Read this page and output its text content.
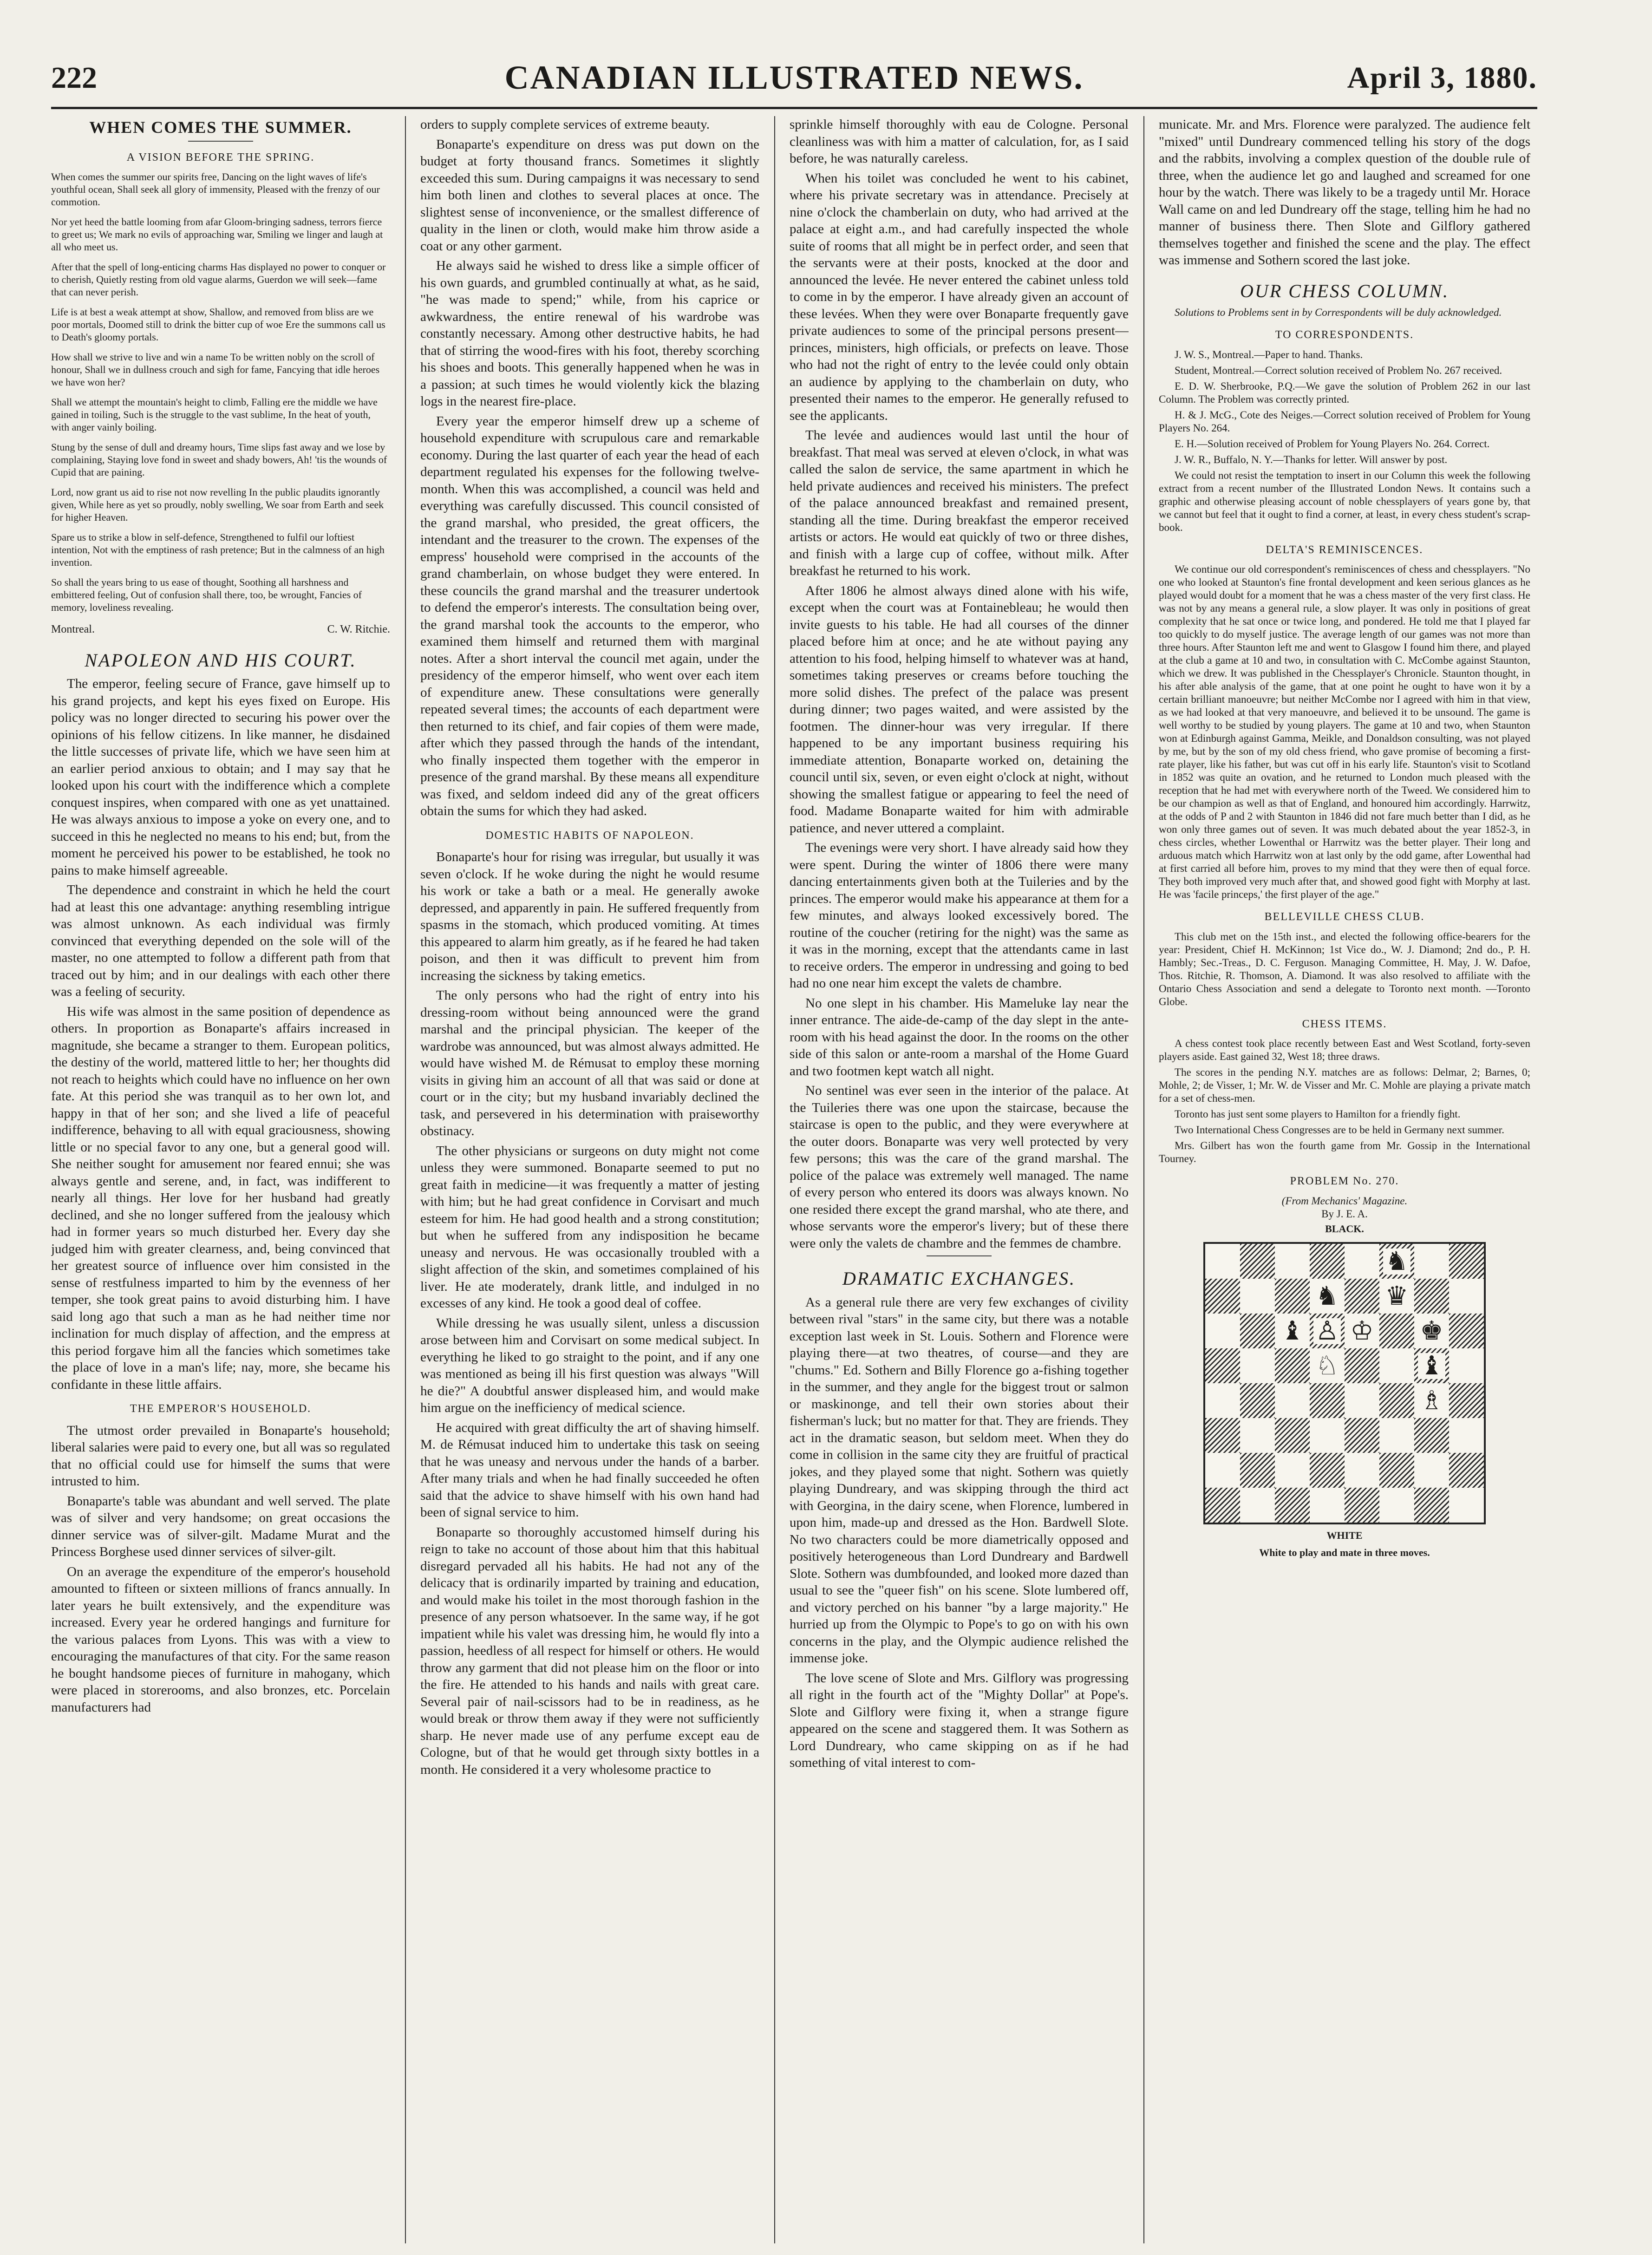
222	CANADIAN ILLUSTRATED NEWS.	April 3, 1880.
WHEN COMES THE SUMMER.
A VISION BEFORE THE SPRING.
When comes the summer our spirits free, Dancing on the light waves of life's youthful ocean, Shall seek all glory of immensity, Pleased with the frenzy of our commotion.
Nor yet heed the battle looming from afar Gloom-bringing sadness, terrors fierce to greet us; We mark no evils of approaching war, Smiling we linger and laugh at all who meet us.
After that the spell of long-enticing charms Has displayed no power to conquer or to cherish, Quietly resting from old vague alarms, Guerdon we will seek—fame that can never perish.
Life is at best a weak attempt at show, Shallow, and removed from bliss are we poor mortals, Doomed still to drink the bitter cup of woe Ere the summons call us to Death's gloomy portals.
How shall we strive to live and win a name To be written nobly on the scroll of honour, Shall we in dullness crouch and sigh for fame, Fancying that idle heroes we have won her?
Shall we attempt the mountain's height to climb, Falling ere the middle we have gained in toiling, Such is the struggle to the vast sublime, In the heat of youth, with anger vainly boiling.
Stung by the sense of dull and dreamy hours, Time slips fast away and we lose by complaining, Staying love fond in sweet and shady bowers, Ah! 'tis the wounds of Cupid that are paining.
Lord, now grant us aid to rise not now revelling In the public plaudits ignorantly given, While here as yet so proudly, nobly swelling, We soar from Earth and seek for higher Heaven.
Spare us to strike a blow in self-defence, Strengthened to fulfil our loftiest intention, Not with the emptiness of rash pretence; But in the calmness of an high invention.
So shall the years bring to us ease of thought, Soothing all harshness and embittered feeling, Out of confusion shall there, too, be wrought, Fancies of memory, loveliness revealing.
Montreal.	C. W. Ritchie.
NAPOLEON AND HIS COURT.

The emperor, feeling secure of France, gave himself up to his grand projects, and kept his eyes fixed on Europe. His policy was no longer directed to securing his power over the opinions of his fellow citizens. In like manner, he disdained the little successes of private life, which we have seen him at an earlier period anxious to obtain; and I may say that he looked upon his court with the indifference which a complete conquest inspires, when compared with one as yet unattained. He was always anxious to impose a yoke on every one, and to succeed in this he neglected no means to his end; but, from the moment he perceived his power to be established, he took no pains to make himself agreeable.

The dependence and constraint in which he held the court had at least this one advantage: anything resembling intrigue was almost unknown. As each individual was firmly convinced that everything depended on the sole will of the master, no one attempted to follow a different path from that traced out by him; and in our dealings with each other there was a feeling of security.

His wife was almost in the same position of dependence as others. In proportion as Bonaparte's affairs increased in magnitude, she became a stranger to them. European politics, the destiny of the world, mattered little to her; her thoughts did not reach to heights which could have no influence on her own fate. At this period she was tranquil as to her own lot, and happy in that of her son; and she lived a life of peaceful indifference, behaving to all with equal graciousness, showing little or no special favor to any one, but a general good will. She neither sought for amusement nor feared ennui; she was always gentle and serene, and, in fact, was indifferent to nearly all things. Her love for her husband had greatly declined, and she no longer suffered from the jealousy which had in former years so much disturbed her. Every day she judged him with greater clearness, and, being convinced that her greatest source of influence over him consisted in the sense of restfulness imparted to him by the evenness of her temper, she took great pains to avoid disturbing him. I have said long ago that such a man as he had neither time nor inclination for much display of affection, and the empress at this period forgave him all the fancies which sometimes take the place of love in a man's life; nay, more, she became his confidante in these little affairs.

THE EMPEROR'S HOUSEHOLD.

The utmost order prevailed in Bonaparte's household; liberal salaries were paid to every one, but all was so regulated that no official could use for himself the sums that were intrusted to him.

Bonaparte's table was abundant and well served. The plate was of silver and very handsome; on great occasions the dinner service was of silver-gilt. Madame Murat and the Princess Borghese used dinner services of silver-gilt.

On an average the expenditure of the emperor's household amounted to fifteen or sixteen millions of francs annually. In later years he built extensively, and the expenditure was increased. Every year he ordered hangings and furniture for the various palaces from Lyons. This was with a view to encouraging the manufactures of that city. For the same reason he bought handsome pieces of furniture in mahogany, which were placed in storerooms, and also bronzes, etc. Porcelain manufacturers had

orders to supply complete services of extreme beauty.

Bonaparte's expenditure on dress was put down on the budget at forty thousand francs. Sometimes it slightly exceeded this sum. During campaigns it was necessary to send him both linen and clothes to several places at once. The slightest sense of inconvenience, or the smallest difference of quality in the linen or cloth, would make him throw aside a coat or any other garment.

He always said he wished to dress like a simple officer of his own guards, and grumbled continually at what, as he said, "he was made to spend;" while, from his caprice or awkwardness, the entire renewal of his wardrobe was constantly necessary. Among other destructive habits, he had that of stirring the wood-fires with his foot, thereby scorching his shoes and boots. This generally happened when he was in a passion; at such times he would violently kick the blazing logs in the nearest fire-place.

Every year the emperor himself drew up a scheme of household expenditure with scrupulous care and remarkable economy. During the last quarter of each year the head of each department regulated his expenses for the following twelve-month. When this was accomplished, a council was held and everything was carefully discussed. This council consisted of the grand marshal, who presided, the great officers, the intendant and the treasurer to the crown. The expenses of the empress' household were comprised in the accounts of the grand chamberlain, on whose budget they were entered. In these councils the grand marshal and the treasurer undertook to defend the emperor's interests. The consultation being over, the grand marshal took the accounts to the emperor, who examined them himself and returned them with marginal notes. After a short interval the council met again, under the presidency of the emperor himself, who went over each item of expenditure anew. These consultations were generally repeated several times; the accounts of each department were then returned to its chief, and fair copies of them were made, after which they passed through the hands of the intendant, who finally inspected them together with the emperor in presence of the grand marshal. By these means all expenditure was fixed, and seldom indeed did any of the great officers obtain the sums for which they had asked.

DOMESTIC HABITS OF NAPOLEON.

Bonaparte's hour for rising was irregular, but usually it was seven o'clock. If he woke during the night he would resume his work or take a bath or a meal. He generally awoke depressed, and apparently in pain. He suffered frequently from spasms in the stomach, which produced vomiting. At times this appeared to alarm him greatly, as if he feared he had taken poison, and then it was difficult to prevent him from increasing the sickness by taking emetics.

The only persons who had the right of entry into his dressing-room without being announced were the grand marshal and the principal physician. The keeper of the wardrobe was announced, but was almost always admitted. He would have wished M. de Rémusat to employ these morning visits in giving him an account of all that was said or done at court or in the city; but my husband invariably declined the task, and persevered in his determination with praiseworthy obstinacy.

The other physicians or surgeons on duty might not come unless they were summoned. Bonaparte seemed to put no great faith in medicine—it was frequently a matter of jesting with him; but he had great confidence in Corvisart and much esteem for him. He had good health and a strong constitution; but when he suffered from any indisposition he became uneasy and nervous. He was occasionally troubled with a slight affection of the skin, and sometimes complained of his liver. He ate moderately, drank little, and indulged in no excesses of any kind. He took a good deal of coffee.

While dressing he was usually silent, unless a discussion arose between him and Corvisart on some medical subject. In everything he liked to go straight to the point, and if any one was mentioned as being ill his first question was always "Will he die?" A doubtful answer displeased him, and would make him argue on the inefficiency of medical science.

He acquired with great difficulty the art of shaving himself. M. de Rémusat induced him to undertake this task on seeing that he was uneasy and nervous under the hands of a barber. After many trials and when he had finally succeeded he often said that the advice to shave himself with his own hand had been of signal service to him.

Bonaparte so thoroughly accustomed himself during his reign to take no account of those about him that this habitual disregard pervaded all his habits. He had not any of the delicacy that is ordinarily imparted by training and education, and would make his toilet in the most thorough fashion in the presence of any person whatsoever. In the same way, if he got impatient while his valet was dressing him, he would fly into a passion, heedless of all respect for himself or others. He would throw any garment that did not please him on the floor or into the fire. He attended to his hands and nails with great care. Several pair of nail-scissors had to be in readiness, as he would break or throw them away if they were not sufficiently sharp. He never made use of any perfume except eau de Cologne, but of that he would get through sixty bottles in a month. He considered it a very wholesome practice to

sprinkle himself thoroughly with eau de Cologne. Personal cleanliness was with him a matter of calculation, for, as I said before, he was naturally careless.

When his toilet was concluded he went to his cabinet, where his private secretary was in attendance. Precisely at nine o'clock the chamberlain on duty, who had arrived at the palace at eight a.m., and had carefully inspected the whole suite of rooms that all might be in perfect order, and seen that the servants were at their posts, knocked at the door and announced the levée. He never entered the cabinet unless told to come in by the emperor. I have already given an account of these levées. When they were over Bonaparte frequently gave private audiences to some of the principal persons present—princes, ministers, high officials, or prefects on leave. Those who had not the right of entry to the levée could only obtain an audience by applying to the chamberlain on duty, who presented their names to the emperor. He generally refused to see the applicants.

The levée and audiences would last until the hour of breakfast. That meal was served at eleven o'clock, in what was called the salon de service, the same apartment in which he held private audiences and received his ministers. The prefect of the palace announced breakfast and remained present, standing all the time. During breakfast the emperor received artists or actors. He would eat quickly of two or three dishes, and finish with a large cup of coffee, without milk. After breakfast he returned to his work.

After 1806 he almost always dined alone with his wife, except when the court was at Fontainebleau; he would then invite guests to his table. He had all courses of the dinner placed before him at once; and he ate without paying any attention to his food, helping himself to whatever was at hand, sometimes taking preserves or creams before touching the more solid dishes. The prefect of the palace was present during dinner; two pages waited, and were assisted by the footmen. The dinner-hour was very irregular. If there happened to be any important business requiring his immediate attention, Bonaparte worked on, detaining the council until six, seven, or even eight o'clock at night, without showing the smallest fatigue or appearing to feel the need of food. Madame Bonaparte waited for him with admirable patience, and never uttered a complaint.

The evenings were very short. I have already said how they were spent. During the winter of 1806 there were many dancing entertainments given both at the Tuileries and by the princes. The emperor would make his appearance at them for a few minutes, and always looked excessively bored. The routine of the coucher (retiring for the night) was the same as it was in the morning, except that the attendants came in last to receive orders. The emperor in undressing and going to bed had no one near him except the valets de chambre.

No one slept in his chamber. His Mameluke lay near the inner entrance. The aide-de-camp of the day slept in the ante-room with his head against the door. In the rooms on the other side of this salon or ante-room a marshal of the Home Guard and two footmen kept watch all night.

No sentinel was ever seen in the interior of the palace. At the Tuileries there was one upon the staircase, because the staircase is open to the public, and they were everywhere at the outer doors. Bonaparte was very well protected by very few persons; this was the care of the grand marshal. The police of the palace was extremely well managed. The name of every person who entered its doors was always known. No one resided there except the grand marshal, who ate there, and whose servants wore the emperor's livery; but of these there were only the valets de chambre and the femmes de chambre.

DRAMATIC EXCHANGES.

As a general rule there are very few exchanges of civility between rival "stars" in the same city, but there was a notable exception last week in St. Louis. Sothern and Florence were playing there—at two theatres, of course—and they are "chums." Ed. Sothern and Billy Florence go a-fishing together in the summer, and they angle for the biggest trout or salmon or maskinonge, and tell their own stories about their fisherman's luck; but no matter for that. They are friends. They act in the dramatic season, but seldom meet. When they do come in collision in the same city they are fruitful of practical jokes, and they played some that night. Sothern was quietly playing Dundreary, and was skipping through the third act with Georgina, in the dairy scene, when Florence, lumbered in upon him, made-up and dressed as the Hon. Bardwell Slote. No two characters could be more diametrically opposed and positively heterogeneous than Lord Dundreary and Bardwell Slote. Sothern was dumbfounded, and looked more dazed than usual to see the "queer fish" on his scene. Slote lumbered off, and victory perched on his banner "by a large majority." He hurried up from the Olympic to Pope's to go on with his own concerns in the play, and the Olympic audience relished the immense joke.

The love scene of Slote and Mrs. Gilflory was progressing all right in the fourth act of the "Mighty Dollar" at Pope's. Slote and Gilflory were fixing it, when a strange figure appeared on the scene and staggered them. It was Sothern as Lord Dundreary, who came skipping on as if he had something of vital interest to com-

municate. Mr. and Mrs. Florence were paralyzed. The audience felt "mixed" until Dundreary commenced telling his story of the dogs and the rabbits, involving a complex question of the double rule of three, when the audience let go and laughed and screamed for one hour by the watch. There was likely to be a tragedy until Mr. Horace Wall came on and led Dundreary off the stage, telling him he had no manner of business there. Then Slote and Gilflory gathered themselves together and finished the scene and the play. The effect was immense and Sothern scored the last joke.

OUR CHESS COLUMN.

Solutions to Problems sent in by Correspondents will be duly acknowledged.

TO CORRESPONDENTS.

J. W. S., Montreal.—Paper to hand. Thanks.

Student, Montreal.—Correct solution received of Problem No. 267 received.

E. D. W. Sherbrooke, P.Q.—We gave the solution of Problem 262 in our last Column. The Problem was correctly printed.

H. & J. McG., Cote des Neiges.—Correct solution received of Problem for Young Players No. 264.

E. H.—Solution received of Problem for Young Players No. 264. Correct.

J. W. R., Buffalo, N. Y.—Thanks for letter. Will answer by post.

We could not resist the temptation to insert in our Column this week the following extract from a recent number of the Illustrated London News. It contains such a graphic and otherwise pleasing account of noble chessplayers of years gone by, that we cannot but feel that it ought to find a corner, at least, in every chess student's scrap-book.

DELTA'S REMINISCENCES.

We continue our old correspondent's reminiscences of chess and chessplayers. "No one who looked at Staunton's fine frontal development and keen serious glances as he played would doubt for a moment that he was a chess master of the very first class. He was not by any means a general rule, a slow player. It was only in positions of great complexity that he sat once or twice long, and pondered. He told me that I played far too quickly to do myself justice. The average length of our games was not more than three hours. After Staunton left me and went to Glasgow I found him there, and played at the club a game at 10 and two, in consultation with C. McCombe against Staunton, which we drew. It was published in the Chessplayer's Chronicle. Staunton thought, in his after able analysis of the game, that at one point he ought to have won it by a certain brilliant manoeuvre; but neither McCombe nor I agreed with him in that view, as we had looked at that very manoeuvre, and believed it to be unsound. The game is well worthy to be studied by young players. The game at 10 and two, when Staunton won at Edinburgh against Gamma, Meikle, and Donaldson consulting, was not played by me, but by the son of my old chess friend, who gave promise of becoming a first-rate player, like his father, but was cut off in his early life. Staunton's visit to Scotland in 1852 was quite an ovation, and he returned to London much pleased with the reception that he had met with everywhere north of the Tweed. We considered him to be our champion as well as that of England, and honoured him accordingly. Harrwitz, at the odds of P and 2 with Staunton in 1846 did not fare much better than I did, as he won only three games out of seven. It was much debated about the year 1852-3, in chess circles, whether Lowenthal or Harrwitz was the better player. Their long and arduous match which Harrwitz won at last only by the odd game, after Lowenthal had at first carried all before him, proves to my mind that they were then of equal force. They both improved very much after that, and showed good fight with Morphy at last. He was 'facile princeps,' the first player of the age."

BELLEVILLE CHESS CLUB.

This club met on the 15th inst., and elected the following office-bearers for the year: President, Chief H. McKinnon; 1st Vice do., W. J. Diamond; 2nd do., P. H. Hambly; Sec.-Treas., D. C. Ferguson. Managing Committee, H. May, J. W. Dafoe, Thos. Ritchie, R. Thomson, A. Diamond. It was also resolved to affiliate with the Ontario Chess Association and send a delegate to Toronto next month. —Toronto Globe.

CHESS ITEMS.

A chess contest took place recently between East and West Scotland, forty-seven players aside. East gained 32, West 18; three draws.

The scores in the pending N.Y. matches are as follows: Delmar, 2; Barnes, 0; Mohle, 2; de Visser, 1; Mr. W. de Visser and Mr. C. Mohle are playing a private match for a set of chess-men.

Toronto has just sent some players to Hamilton for a friendly fight.

Two International Chess Congresses are to be held in Germany next summer.

Mrs. Gilbert has won the fourth game from Mr. Gossip in the International Tourney.

PROBLEM No. 270.
(From Mechanics' Magazine.
By J. E. A.
BLACK.
♞
♞ ♛
♝ ♙ ♔ ♚
♘	♝
♗
WHITE
White to play and mate in three moves.
